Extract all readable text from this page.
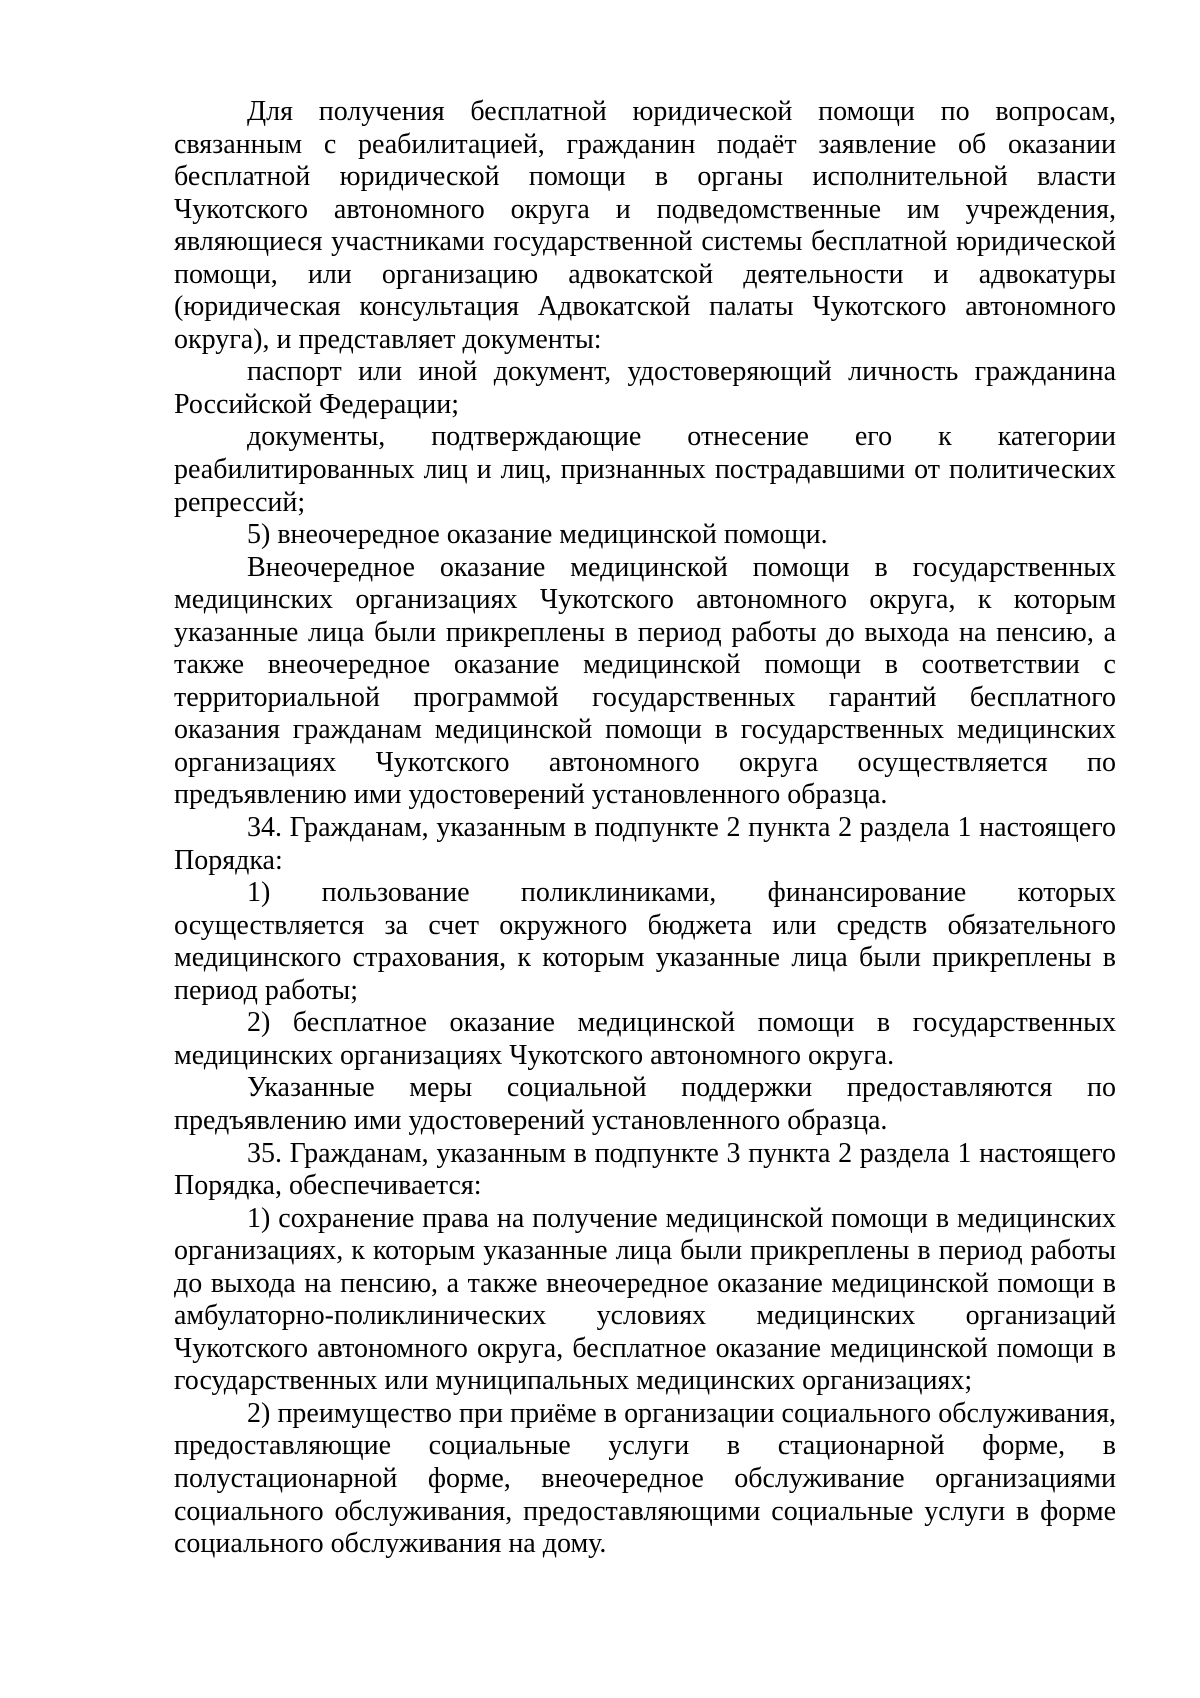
Для получения бесплатной юридической помощи по вопросам, связанным с реабилитацией, гражданин подаёт заявление об оказании бесплатной юридической помощи в органы исполнительной власти Чукотского автономного округа и подведомственные им учреждения, являющиеся участниками государственной системы бесплатной юридической помощи, или организацию адвокатской деятельности и адвокатуры (юридическая консультация Адвокатской палаты Чукотского автономного округа), и представляет документы:

паспорт или иной документ, удостоверяющий личность гражданина Российской Федерации;

документы, подтверждающие отнесение его к категории реабилитированных лиц и лиц, признанных пострадавшими от политических репрессий;

5) внеочередное оказание медицинской помощи.

Внеочередное оказание медицинской помощи в государственных медицинских организациях Чукотского автономного округа, к которым указанные лица были прикреплены в период работы до выхода на пенсию, а также внеочередное оказание медицинской помощи в соответствии с территориальной программой государственных гарантий бесплатного оказания гражданам медицинской помощи в государственных медицинских организациях Чукотского автономного округа осуществляется по предъявлению ими удостоверений установленного образца.

34. Гражданам, указанным в подпункте 2 пункта 2 раздела 1 настоящего Порядка:

1) пользование поликлиниками, финансирование которых осуществляется за счет окружного бюджета или средств обязательного медицинского страхования, к которым указанные лица были прикреплены в период работы;

2) бесплатное оказание медицинской помощи в государственных медицинских организациях Чукотского автономного округа.

Указанные меры социальной поддержки предоставляются по предъявлению ими удостоверений установленного образца.

35. Гражданам, указанным в подпункте 3 пункта 2 раздела 1 настоящего Порядка, обеспечивается:

1) сохранение права на получение медицинской помощи в медицинских организациях, к которым указанные лица были прикреплены в период работы до выхода на пенсию, а также внеочередное оказание медицинской помощи в амбулаторно-поликлинических условиях медицинских организаций Чукотского автономного округа, бесплатное оказание медицинской помощи в государственных или муниципальных медицинских организациях;

2) преимущество при приёме в организации социального обслуживания, предоставляющие социальные услуги в стационарной форме, в полустационарной форме, внеочередное обслуживание организациями социального обслуживания, предоставляющими социальные услуги в форме социального обслуживания на дому.
